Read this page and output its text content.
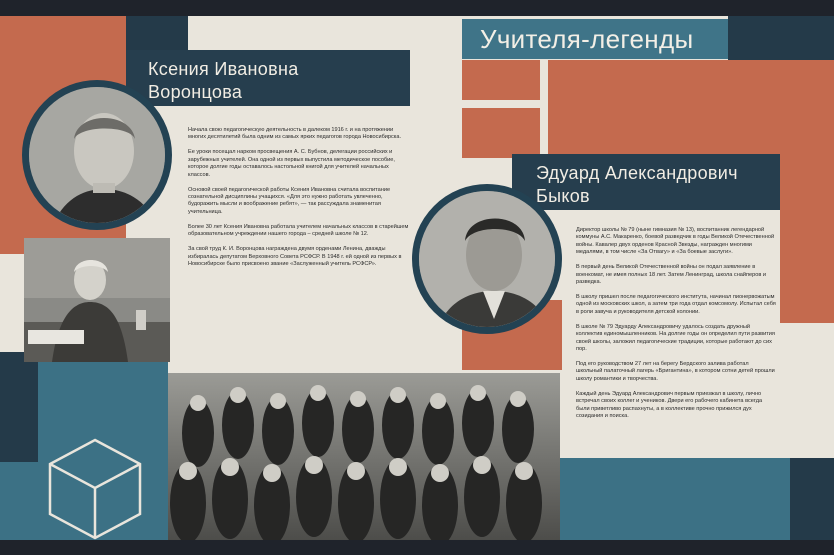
Учителя-легенды
Ксения Ивановна
Воронцова

Начала свою педагогическую деятельность в далеком 1916 г. и на протяжении многих десятилетий была одним из самых ярких педагогов города Новосибирска.

Ее уроки посещал нарком просвещения А. С. Бубнов, делегации российских и зарубежных учителей. Она одной из первых выпустила методическое пособие, которое долгие годы оставалось настольной книгой для учителей начальных классов.

Основой своей педагогической работы Ксения Ивановна считала воспитание сознательной дисциплины учащихся. «Для это нужно работать увлеченно, будоражить мысли и воображение ребят», — так рассуждала знаменитая учительница.

Более 30 лет Ксения Ивановна работала учителем начальных классов в старейшем образовательном учреждении нашего города – средней школе № 12.

За свой труд К. И. Воронцова награждена двумя орденами Ленина, дважды избиралась депутатом Верховного Совета РСФСР. В 1948 г. ей одной из первых в Новосибирске было присвоено звание «Заслуженный учитель РСФСР».

Эдуард Александрович
Быков

Директор школы № 79 (ныне гимназия № 13), воспитанник легендарной коммуны А.С. Макаренко, боевой разведчик в годы Великой Отечественной войны. Кавалер двух орденов Красной Звезды, награжден многими медалями, в том числе «За Отвагу» и «За боевые заслуги».

В первый день Великой Отечественной войны он подал заявление в военкомат, не имея полных 18 лет. Затем Ленинград, школа снайперов и разведка.

В школу пришел после педагогического института, начинал пионервожатым одной из московских школ, а затем три года отдал комсомолу. Испытал себя в роли завуча и руководителя детской колонии.

В школе № 79 Эдуарду Александровичу удалось создать дружный коллектив единомышленников. На долгие годы он определил пути развития своей школы, заложил педагогические традиции, которые работают до сих пор.

Под его руководством 27 лет на берегу Бердского залива работал школьный палаточный лагерь «Бригантина», в котором сотни детей прошли школу романтики и творчества.

Каждый день Эдуард Александрович первым приезжал в школу, лично встречал своих коллег и учеников. Двери его рабочего кабинета всегда были приветливо распахнуты, а в коллективе прочно прижился дух созидания и поиска.
